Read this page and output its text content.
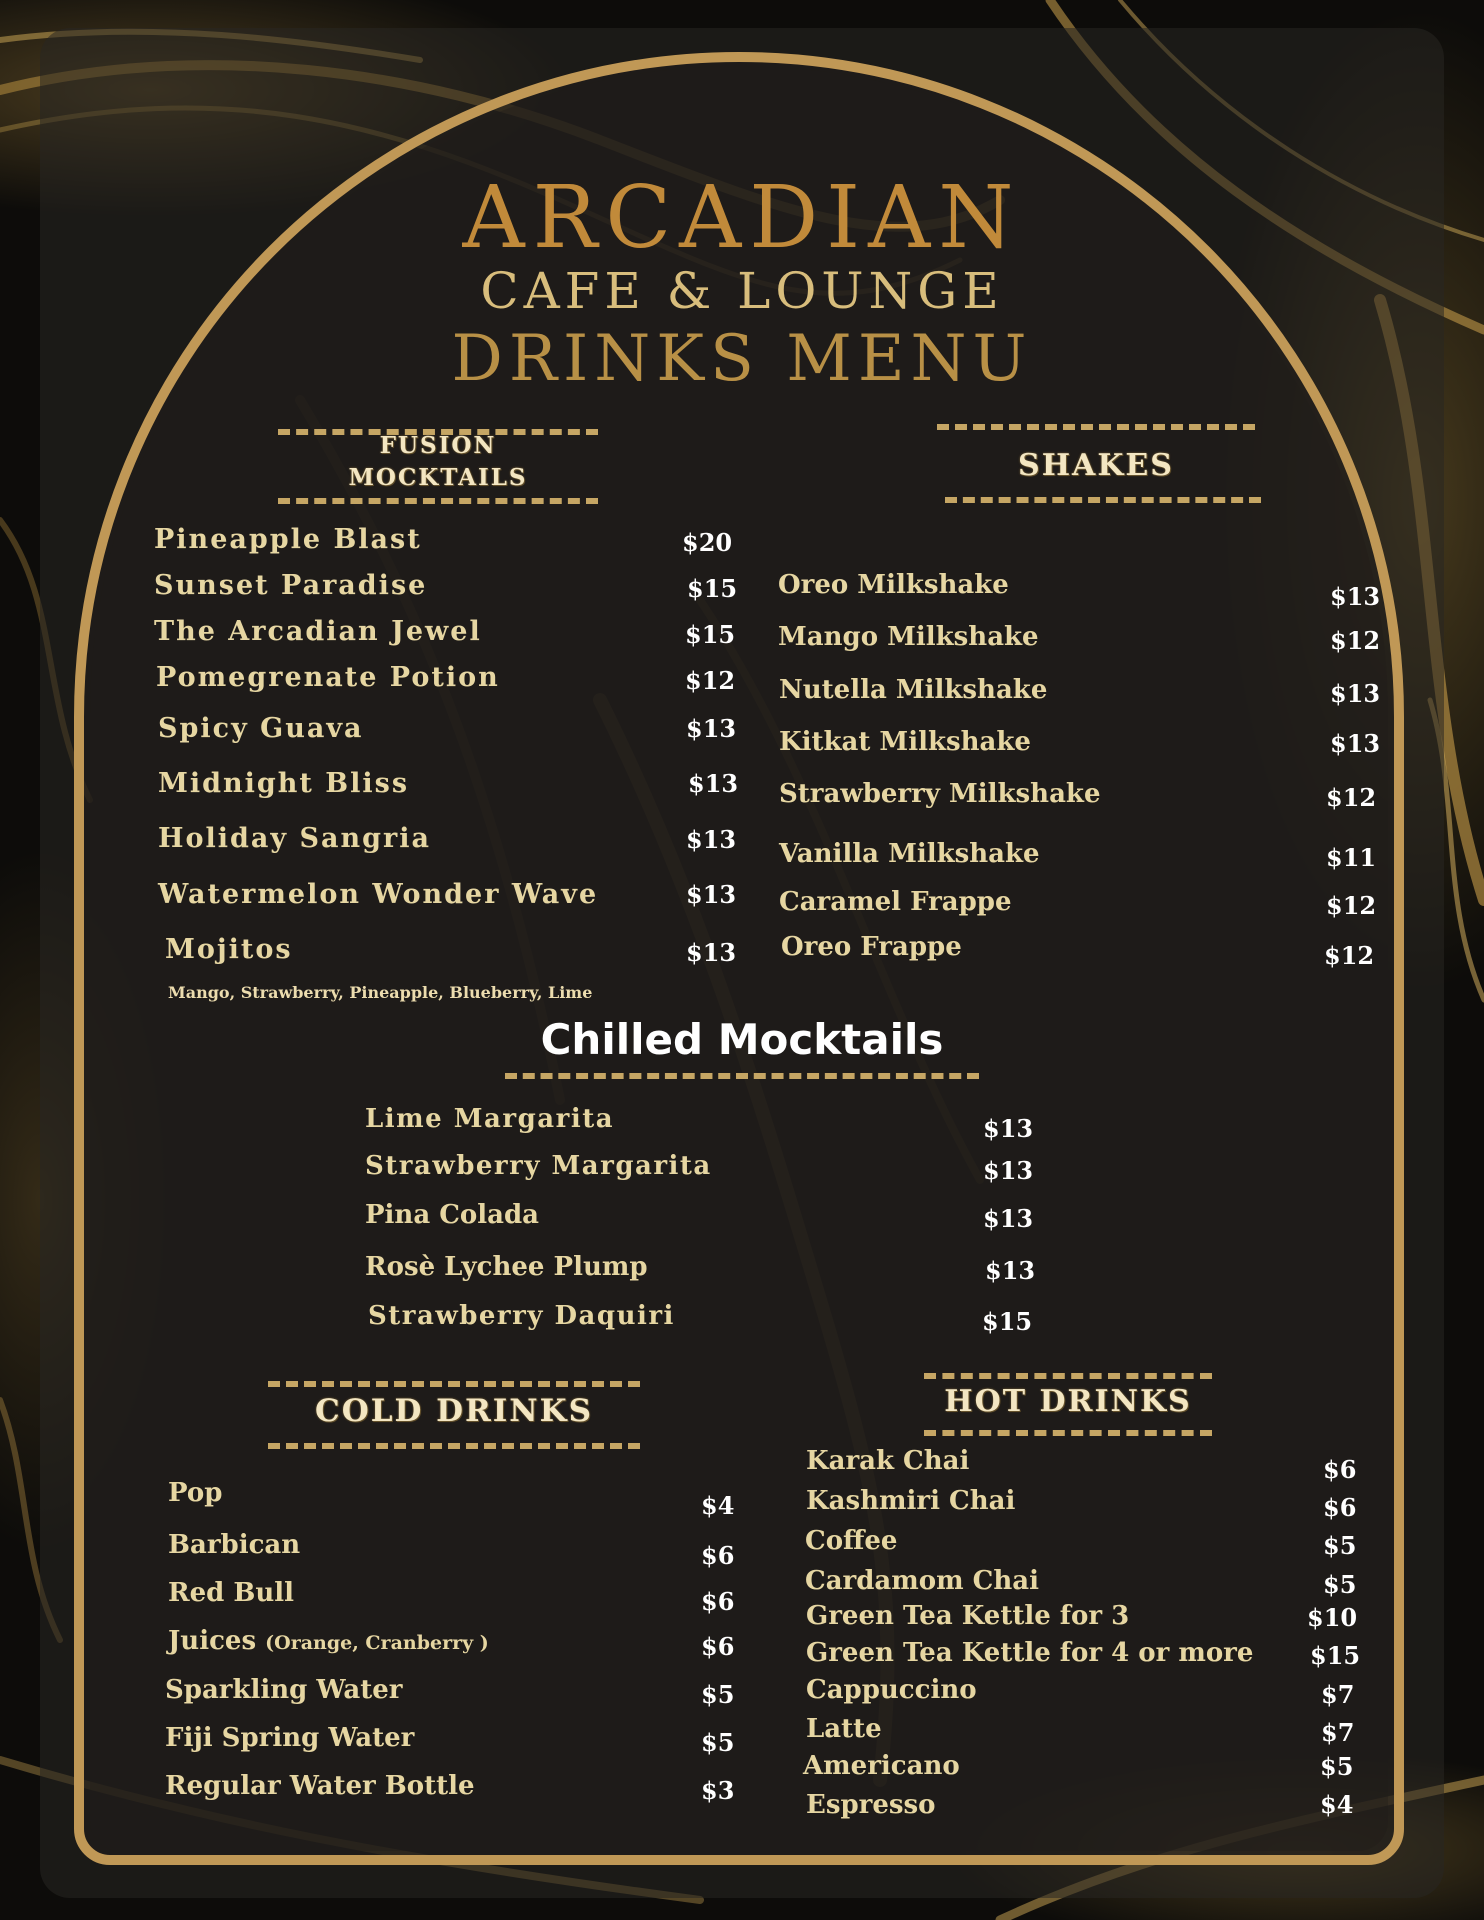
ARCADIAN
CAFE & LOUNGE
DRINKS MENU
FUSION
MOCKTAILS
Pineapple Blast	$20
Sunset Paradise	$15
The Arcadian Jewel	$15
Pomegrenate Potion	$12
Spicy Guava	$13
Midnight Bliss	$13
Holiday Sangria	$13
Watermelon Wonder Wave	$13
Mojitos	$13
Mango, Strawberry, Pineapple, Blueberry, Lime
SHAKES
Oreo Milkshake	$13
Mango Milkshake	$12
Nutella Milkshake	$13
Kitkat Milkshake	$13
Strawberry Milkshake	$12
Vanilla Milkshake	$11
Caramel Frappe	$12
Oreo Frappe	$12
Chilled Mocktails
Lime Margarita	$13
Strawberry Margarita	$13
Pina Colada	$13
Rosè Lychee Plump	$13
Strawberry Daquiri	$15
COLD DRINKS
Pop	$4
Barbican	$6
Red Bull	$6
Juices (Orange, Cranberry )	$6
Sparkling Water	$5
Fiji Spring Water	$5
Regular Water Bottle	$3
HOT DRINKS
Karak Chai	$6
Kashmiri Chai	$6
Coffee	$5
Cardamom Chai	$5
Green Tea Kettle for 3	$10
Green Tea Kettle for 4 or more $15
Cappuccino	$7
Latte	$7
Americano	$5
Espresso	$4
